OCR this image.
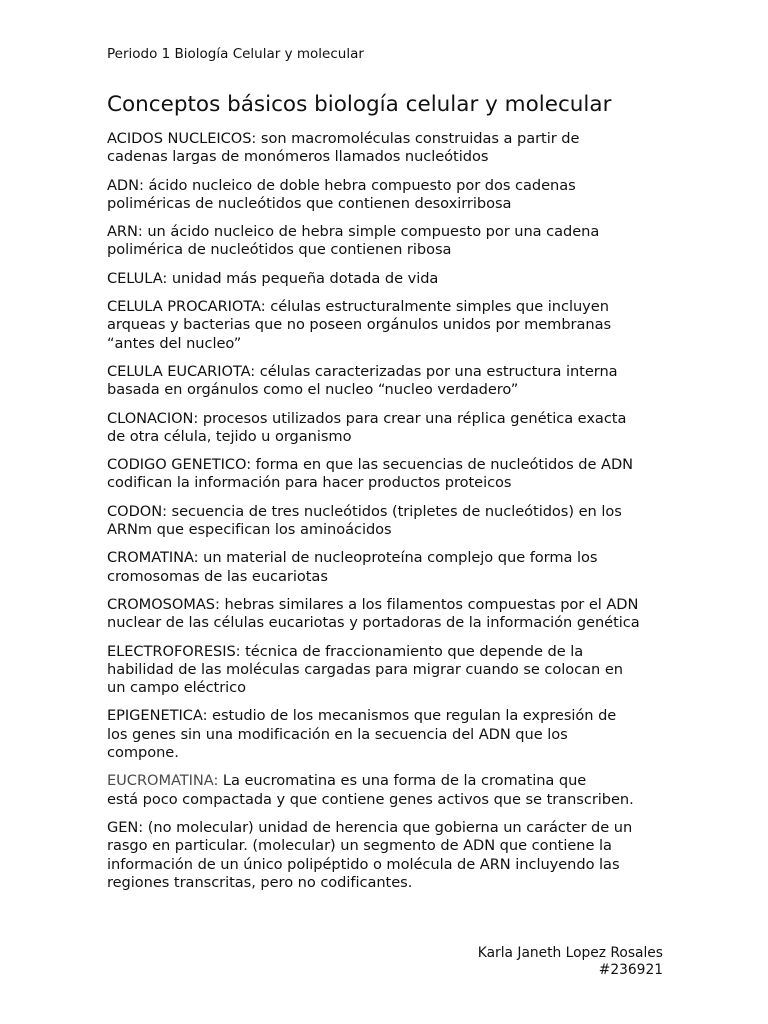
Periodo 1 Biología Celular y molecular
Conceptos básicos biología celular y molecular
ACIDOS NUCLEICOS: son macromoléculas construidas a partir de
cadenas largas de monómeros llamados nucleótidos
ADN: ácido nucleico de doble hebra compuesto por dos cadenas
poliméricas de nucleótidos que contienen desoxirribosa
ARN: un ácido nucleico de hebra simple compuesto por una cadena
polimérica de nucleótidos que contienen ribosa
CELULA: unidad más pequeña dotada de vida
CELULA PROCARIOTA: células estructuralmente simples que incluyen
arqueas y bacterias que no poseen orgánulos unidos por membranas
“antes del nucleo”
CELULA EUCARIOTA: células caracterizadas por una estructura interna
basada en orgánulos como el nucleo “nucleo verdadero”
CLONACION: procesos utilizados para crear una réplica genética exacta
de otra célula, tejido u organismo
CODIGO GENETICO: forma en que las secuencias de nucleótidos de ADN
codifican la información para hacer productos proteicos
CODON: secuencia de tres nucleótidos (tripletes de nucleótidos) en los
ARNm que especifican los aminoácidos
CROMATINA: un material de nucleoproteína complejo que forma los
cromosomas de las eucariotas
CROMOSOMAS: hebras similares a los filamentos compuestas por el ADN
nuclear de las células eucariotas y portadoras de la información genética
ELECTROFORESIS: técnica de fraccionamiento que depende de la
habilidad de las moléculas cargadas para migrar cuando se colocan en
un campo eléctrico
EPIGENETICA: estudio de los mecanismos que regulan la expresión de
los genes sin una modificación en la secuencia del ADN que los
compone.
EUCROMATINA: La eucromatina es una forma de la cromatina que
está poco compactada y que contiene genes activos que se transcriben.
GEN: (no molecular) unidad de herencia que gobierna un carácter de un
rasgo en particular. (molecular) un segmento de ADN que contiene la
información de un único polipéptido o molécula de ARN incluyendo las
regiones transcritas, pero no codificantes.
Karla Janeth Lopez Rosales
#236921
